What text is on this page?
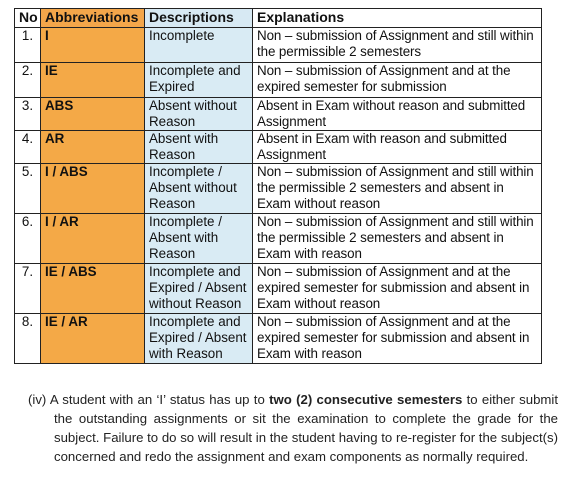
No	Abbreviations	Descriptions	Explanations
1.	I	Incomplete	Non – submission of Assignment and still within the permissible 2 semesters
2.	IE	Incomplete and Expired	Non – submission of Assignment and at the expired semester for submission
3.	ABS	Absent without Reason	Absent in Exam without reason and submitted Assignment
4.	AR	Absent with Reason	Absent in Exam with reason and submitted Assignment
5.	I / ABS	Incomplete / Absent without Reason	Non – submission of Assignment and still within the permissible 2 semesters and absent in Exam without reason
6.	I / AR	Incomplete / Absent with Reason	Non – submission of Assignment and still within the permissible 2 semesters and absent in Exam with reason
7.	IE / ABS	Incomplete and Expired / Absent without Reason	Non – submission of Assignment and at the expired semester for submission and absent in Exam without reason
8.	IE / AR	Incomplete and Expired / Absent with Reason	Non – submission of Assignment and at the expired semester for submission and absent in Exam with reason
(iv) A student with an ‘I’ status has up to two (2) consecutive semesters to either submit the outstanding assignments or sit the examination to complete the grade for the subject. Failure to do so will result in the student having to re-register for the subject(s) concerned and redo the assignment and exam components as normally required.
